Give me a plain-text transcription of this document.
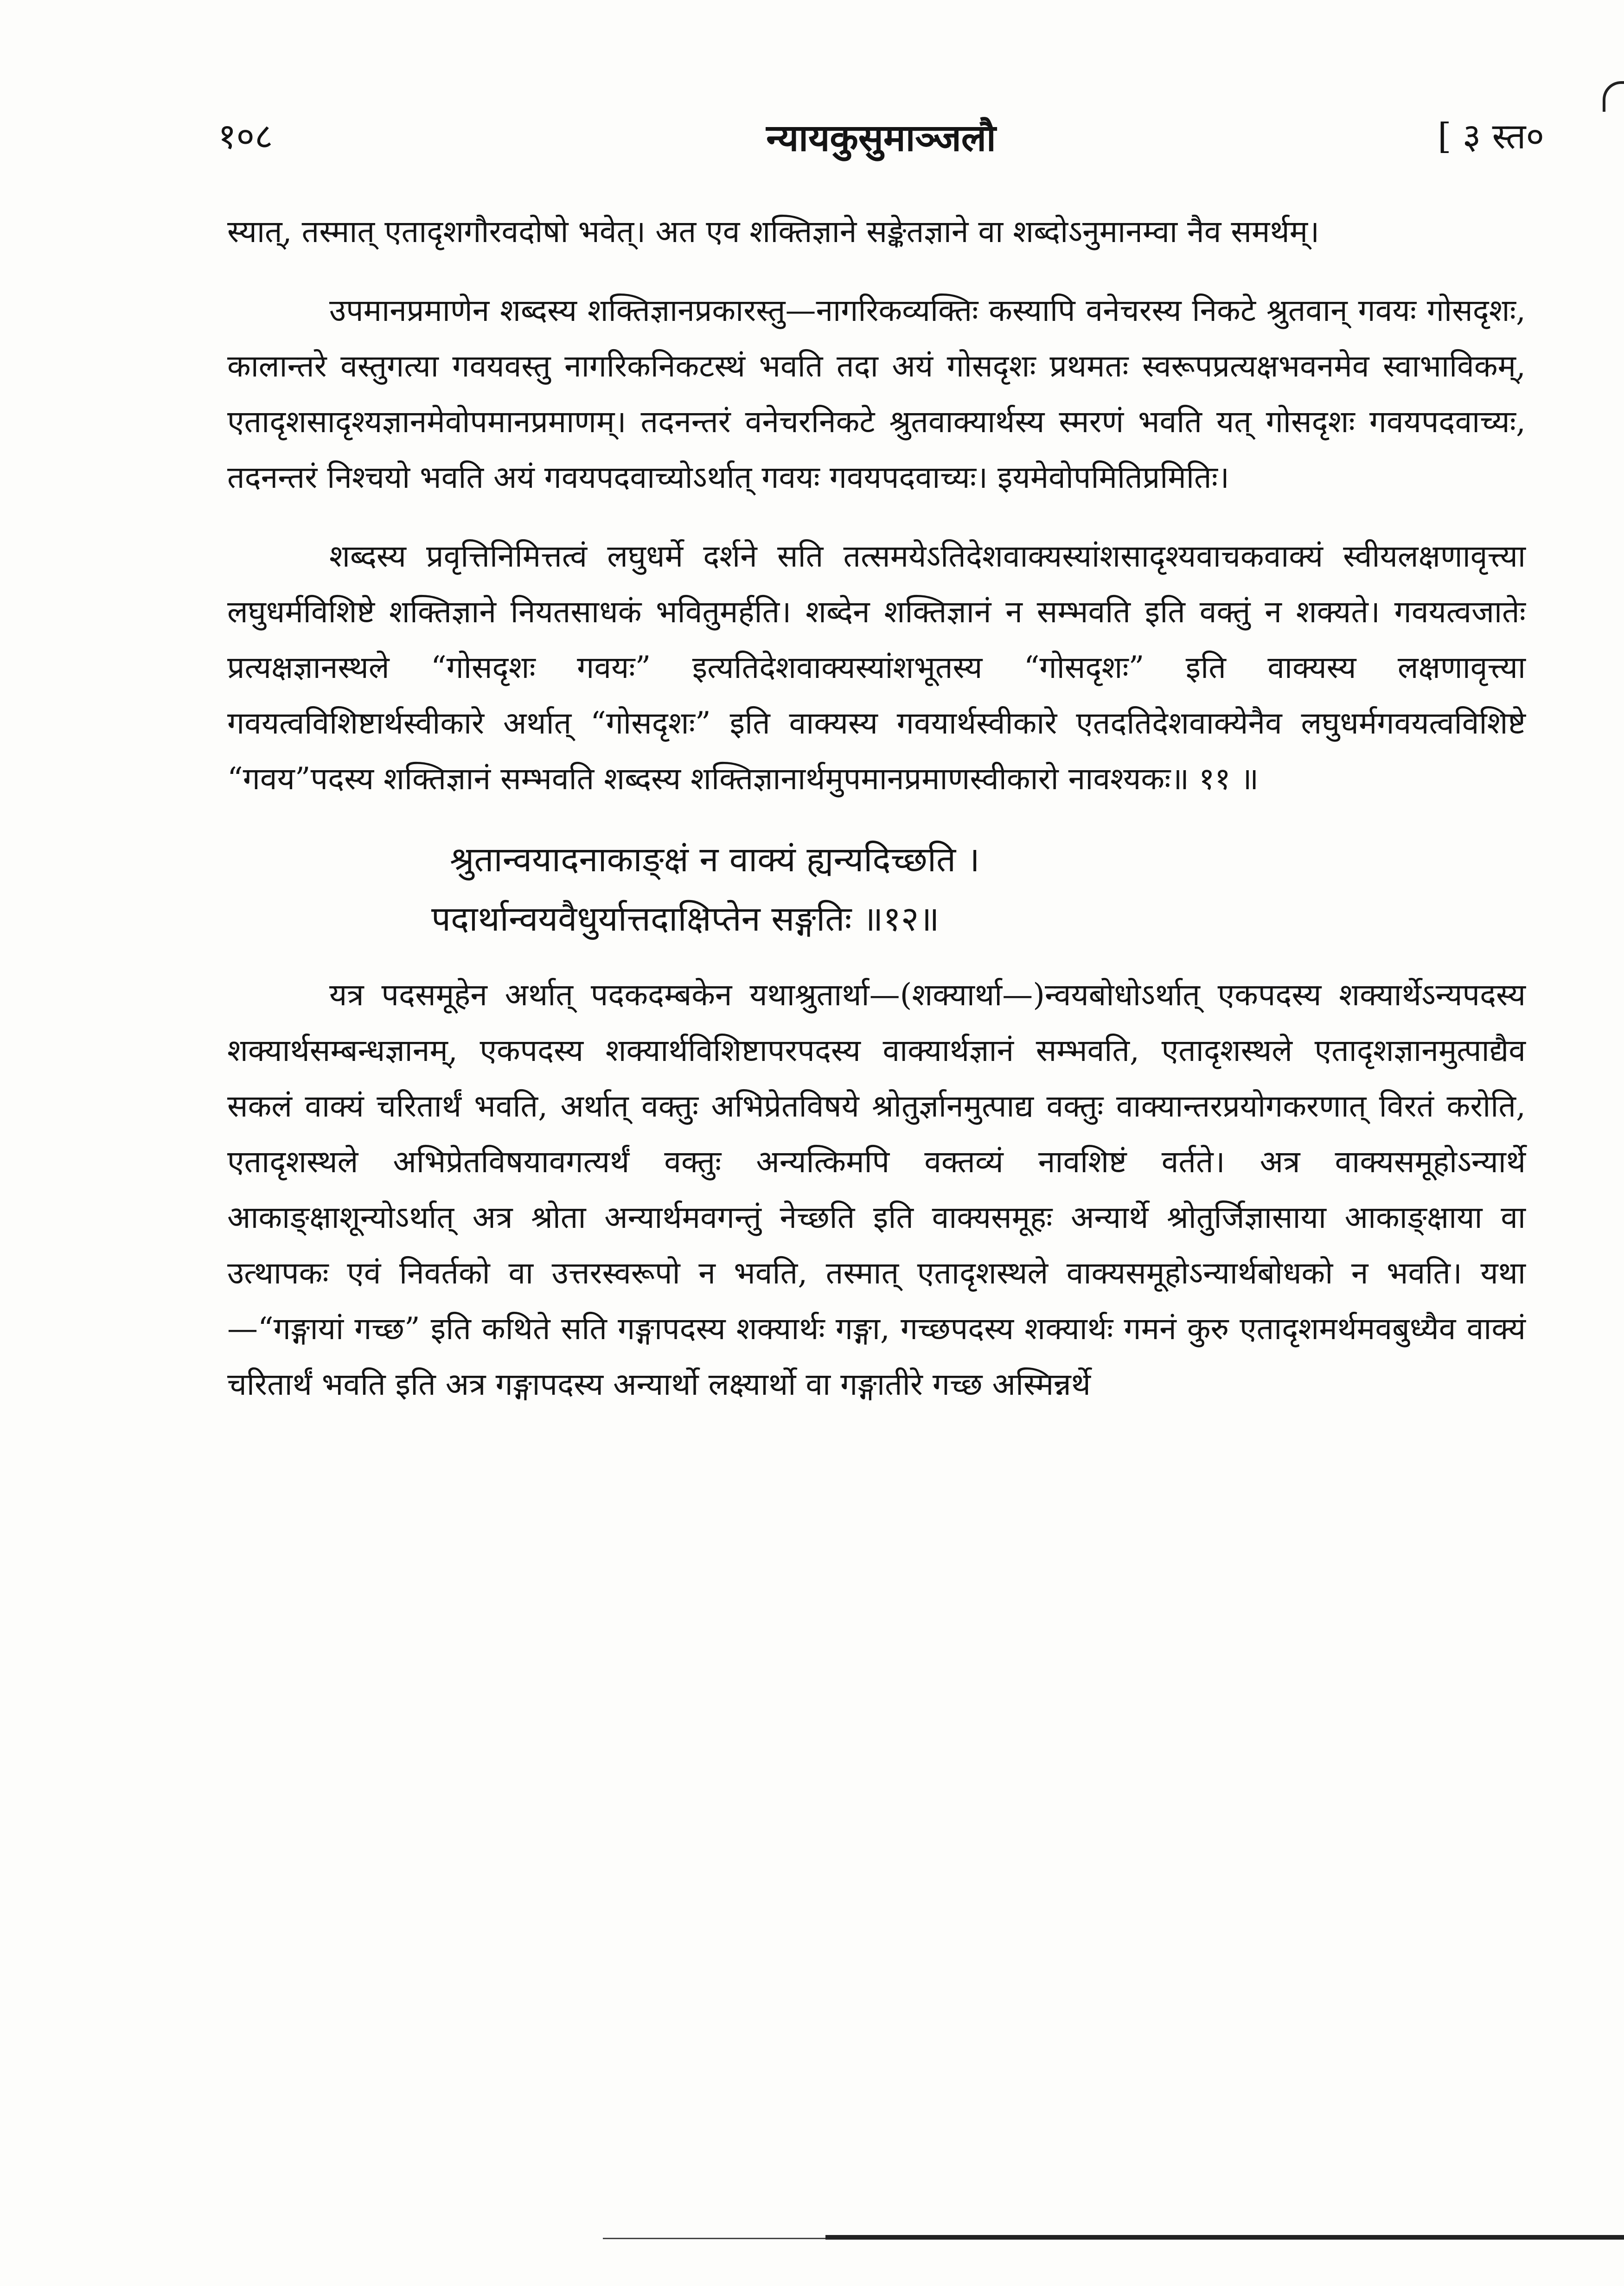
१०८	न्यायकुसुमाञ्जलौ	[ ३ स्त०

स्यात्, तस्मात् एतादृशगौरवदोषो भवेत्। अत एव शक्तिज्ञाने सङ्केतज्ञाने वा शब्दोऽनुमानम्वा नैव समर्थम्।

उपमानप्रमाणेन शब्दस्य शक्तिज्ञानप्रकारस्तु—नागरिकव्यक्तिः कस्यापि वनेचरस्य निकटे श्रुतवान् गवयः गोसदृशः, कालान्तरे वस्तुगत्या गवयवस्तु नागरिकनिकटस्थं भवति तदा अयं गोसदृशः प्रथमतः स्वरूपप्रत्यक्षभवनमेव स्वाभाविकम्, एतादृशसादृश्यज्ञानमेवोपमानप्रमाणम्। तदनन्तरं वनेचरनिकटे श्रुतवाक्यार्थस्य स्मरणं भवति यत् गोसदृशः गवयपदवाच्यः, तदनन्तरं निश्चयो भवति अयं गवयपदवाच्योऽर्थात् गवयः गवयपदवाच्यः। इयमेवोपमितिप्रमितिः।

शब्दस्य प्रवृत्तिनिमित्तत्वं लघुधर्मे दर्शने सति तत्समयेऽतिदेशवाक्यस्यांशसादृश्यवाचकवाक्यं स्वीयलक्षणावृत्त्या लघुधर्मविशिष्टे शक्तिज्ञाने नियतसाधकं भवितुमर्हति। शब्देन शक्तिज्ञानं न सम्भवति इति वक्तुं न शक्यते। गवयत्वजातेः प्रत्यक्षज्ञानस्थले “गोसदृशः गवयः” इत्यतिदेशवाक्यस्यांशभूतस्य “गोसदृशः” इति वाक्यस्य लक्षणावृत्त्या गवयत्वविशिष्टार्थस्वीकारे अर्थात् “गोसदृशः” इति वाक्यस्य गवयार्थस्वीकारे एतदतिदेशवाक्येनैव लघुधर्मगवयत्वविशिष्टे “गवय”पदस्य शक्तिज्ञानं सम्भवति शब्दस्य शक्तिज्ञानार्थमुपमानप्रमाणस्वीकारो नावश्यकः॥ ११ ॥

श्रुतान्वयादनाकाङ्क्षं न वाक्यं ह्यन्यदिच्छति ।
पदार्थान्वयवैधुर्यात्तदाक्षिप्तेन सङ्गतिः ॥१२॥

यत्र पदसमूहेन अर्थात् पदकदम्बकेन यथाश्रुतार्था—(शक्यार्था—)न्वयबोधोऽर्थात् एकपदस्य शक्यार्थेऽन्यपदस्य शक्यार्थसम्बन्धज्ञानम्, एकपदस्य शक्यार्थविशिष्टापरपदस्य वाक्यार्थज्ञानं सम्भवति, एतादृशस्थले एतादृशज्ञानमुत्पाद्यैव सकलं वाक्यं चरितार्थं भवति, अर्थात् वक्तुः अभिप्रेतविषये श्रोतुर्ज्ञानमुत्पाद्य वक्तुः वाक्यान्तरप्रयोगकरणात् विरतं करोति, एतादृशस्थले अभिप्रेतविषयावगत्यर्थं वक्तुः अन्यत्किमपि वक्तव्यं नावशिष्टं वर्तते। अत्र वाक्यसमूहोऽन्यार्थे आकाङ्क्षाशून्योऽर्थात् अत्र श्रोता अन्यार्थमवगन्तुं नेच्छति इति वाक्यसमूहः अन्यार्थे श्रोतुर्जिज्ञासाया आकाङ्क्षाया वा उत्थापकः एवं निवर्तको वा उत्तरस्वरूपो न भवति, तस्मात् एतादृशस्थले वाक्यसमूहोऽन्यार्थबोधको न भवति। यथा—“गङ्गायां गच्छ” इति कथिते सति गङ्गापदस्य शक्यार्थः गङ्गा, गच्छपदस्य शक्यार्थः गमनं कुरु एतादृशमर्थमवबुध्यैव वाक्यं चरितार्थं भवति इति अत्र गङ्गापदस्य अन्यार्थो लक्ष्यार्थो वा गङ्गातीरे गच्छ अस्मिन्नर्थे
